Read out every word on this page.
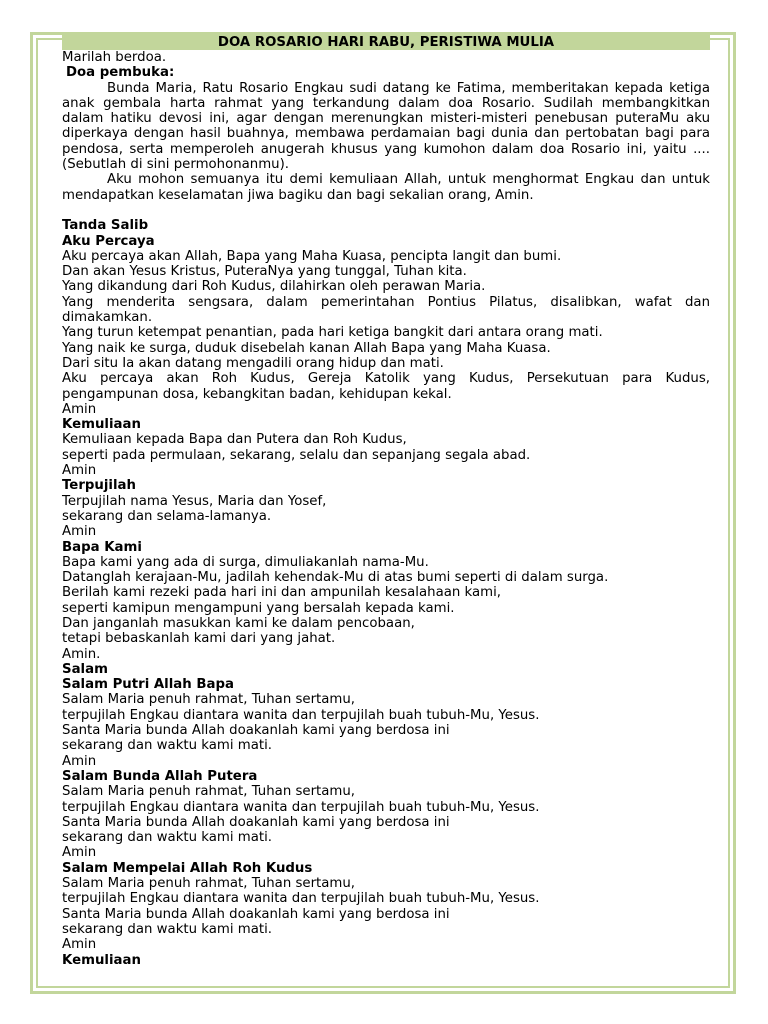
DOA ROSARIO HARI RABU, PERISTIWA MULIA
Marilah berdoa.
Doa pembuka:
Bunda Maria, Ratu Rosario Engkau sudi datang ke Fatima, memberitakan kepada ketiga anak gembala harta rahmat yang terkandung dalam doa Rosario. Sudilah membangkitkan dalam hatiku devosi ini, agar dengan merenungkan misteri-misteri penebusan puteraMu aku diperkaya dengan hasil buahnya, membawa perdamaian bagi dunia dan pertobatan bagi para pendosa, serta memperoleh anugerah khusus yang kumohon dalam doa Rosario ini, yaitu .... (Sebutlah di sini permohonanmu).
Aku mohon semuanya itu demi kemuliaan Allah, untuk menghormat Engkau dan untuk mendapatkan keselamatan jiwa bagiku dan bagi sekalian orang, Amin.
Tanda Salib
Aku Percaya
Aku percaya akan Allah, Bapa yang Maha Kuasa, pencipta langit dan bumi.
Dan akan Yesus Kristus, PuteraNya yang tunggal, Tuhan kita.
Yang dikandung dari Roh Kudus, dilahirkan oleh perawan Maria.
Yang menderita sengsara, dalam pemerintahan Pontius Pilatus, disalibkan, wafat dan dimakamkan.
Yang turun ketempat penantian, pada hari ketiga bangkit dari antara orang mati.
Yang naik ke surga, duduk disebelah kanan Allah Bapa yang Maha Kuasa.
Dari situ Ia akan datang mengadili orang hidup dan mati.
Aku percaya akan Roh Kudus, Gereja Katolik yang Kudus, Persekutuan para Kudus, pengampunan dosa, kebangkitan badan, kehidupan kekal.
Amin
Kemuliaan
Kemuliaan kepada Bapa dan Putera dan Roh Kudus,
seperti pada permulaan, sekarang, selalu dan sepanjang segala abad.
Amin
Terpujilah
Terpujilah nama Yesus, Maria dan Yosef,
sekarang dan selama-lamanya.
Amin
Bapa Kami
Bapa kami yang ada di surga, dimuliakanlah nama-Mu.
Datanglah kerajaan-Mu, jadilah kehendak-Mu di atas bumi seperti di dalam surga.
Berilah kami rezeki pada hari ini dan ampunilah kesalahaan kami,
seperti kamipun mengampuni yang bersalah kepada kami.
Dan janganlah masukkan kami ke dalam pencobaan,
tetapi bebaskanlah kami dari yang jahat.
Amin.
Salam
Salam Putri Allah Bapa
Salam Maria penuh rahmat, Tuhan sertamu,
terpujilah Engkau diantara wanita dan terpujilah buah tubuh-Mu, Yesus.
Santa Maria bunda Allah doakanlah kami yang berdosa ini
sekarang dan waktu kami mati.
Amin
Salam Bunda Allah Putera
Salam Maria penuh rahmat, Tuhan sertamu,
terpujilah Engkau diantara wanita dan terpujilah buah tubuh-Mu, Yesus.
Santa Maria bunda Allah doakanlah kami yang berdosa ini
sekarang dan waktu kami mati.
Amin
Salam Mempelai Allah Roh Kudus
Salam Maria penuh rahmat, Tuhan sertamu,
terpujilah Engkau diantara wanita dan terpujilah buah tubuh-Mu, Yesus.
Santa Maria bunda Allah doakanlah kami yang berdosa ini
sekarang dan waktu kami mati.
Amin
Kemuliaan
